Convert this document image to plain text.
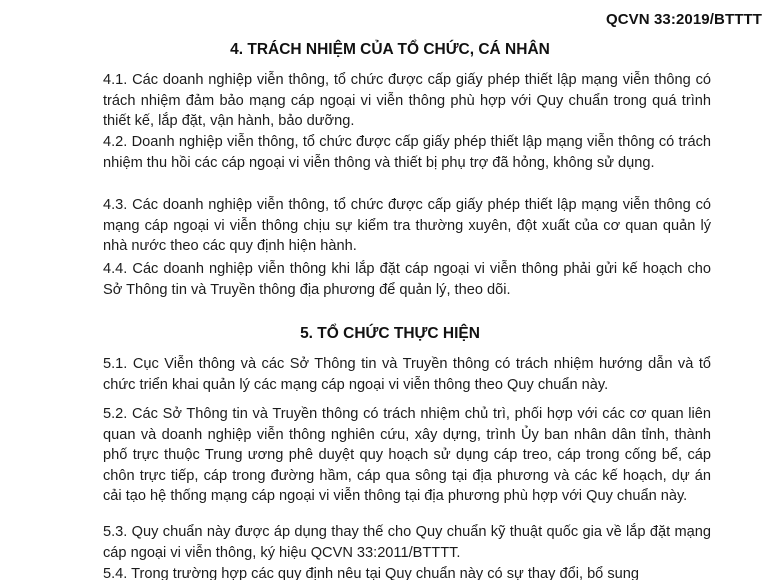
QCVN 33:2019/BTTTT
4. TRÁCH NHIỆM CỦA TỔ CHỨC, CÁ NHÂN

4.1. Các doanh nghiệp viễn thông, tổ chức được cấp giấy phép thiết lập mạng viễn thông có trách nhiệm đảm bảo mạng cáp ngoại vi viễn thông phù hợp với Quy chuẩn trong quá trình thiết kế, lắp đặt, vận hành, bảo dưỡng.

4.2. Doanh nghiệp viễn thông, tổ chức được cấp giấy phép thiết lập mạng viễn thông có trách nhiệm thu hồi các cáp ngoại vi viễn thông và thiết bị phụ trợ đã hỏng, không sử dụng.

4.3. Các doanh nghiệp viễn thông, tổ chức được cấp giấy phép thiết lập mạng viễn thông có mạng cáp ngoại vi viễn thông chịu sự kiểm tra thường xuyên, đột xuất của cơ quan quản lý nhà nước theo các quy định hiện hành.

4.4. Các doanh nghiệp viễn thông khi lắp đặt cáp ngoại vi viễn thông phải gửi kế hoạch cho Sở Thông tin và Truyền thông địa phương để quản lý, theo dõi.

5. TỔ CHỨC THỰC HIỆN

5.1. Cục Viễn thông và các Sở Thông tin và Truyền thông có trách nhiệm hướng dẫn và tổ chức triển khai quản lý các mạng cáp ngoại vi viễn thông theo Quy chuẩn này.

5.2. Các Sở Thông tin và Truyền thông có trách nhiệm chủ trì, phối hợp với các cơ quan liên quan và doanh nghiệp viễn thông nghiên cứu, xây dựng, trình Ủy ban nhân dân tỉnh, thành phố trực thuộc Trung ương phê duyệt quy hoạch sử dụng cáp treo, cáp trong cống bể, cáp chôn trực tiếp, cáp trong đường hầm, cáp qua sông tại địa phương và các kế hoạch, dự án cải tạo hệ thống mạng cáp ngoại vi viễn thông tại địa phương phù hợp với Quy chuẩn này.

5.3. Quy chuẩn này được áp dụng thay thế cho Quy chuẩn kỹ thuật quốc gia về lắp đặt mạng cáp ngoại vi viễn thông, ký hiệu QCVN 33:2011/BTTTT.

5.4. Trong trường hợp các quy định nêu tại Quy chuẩn này có sự thay đổi, bổ sung
